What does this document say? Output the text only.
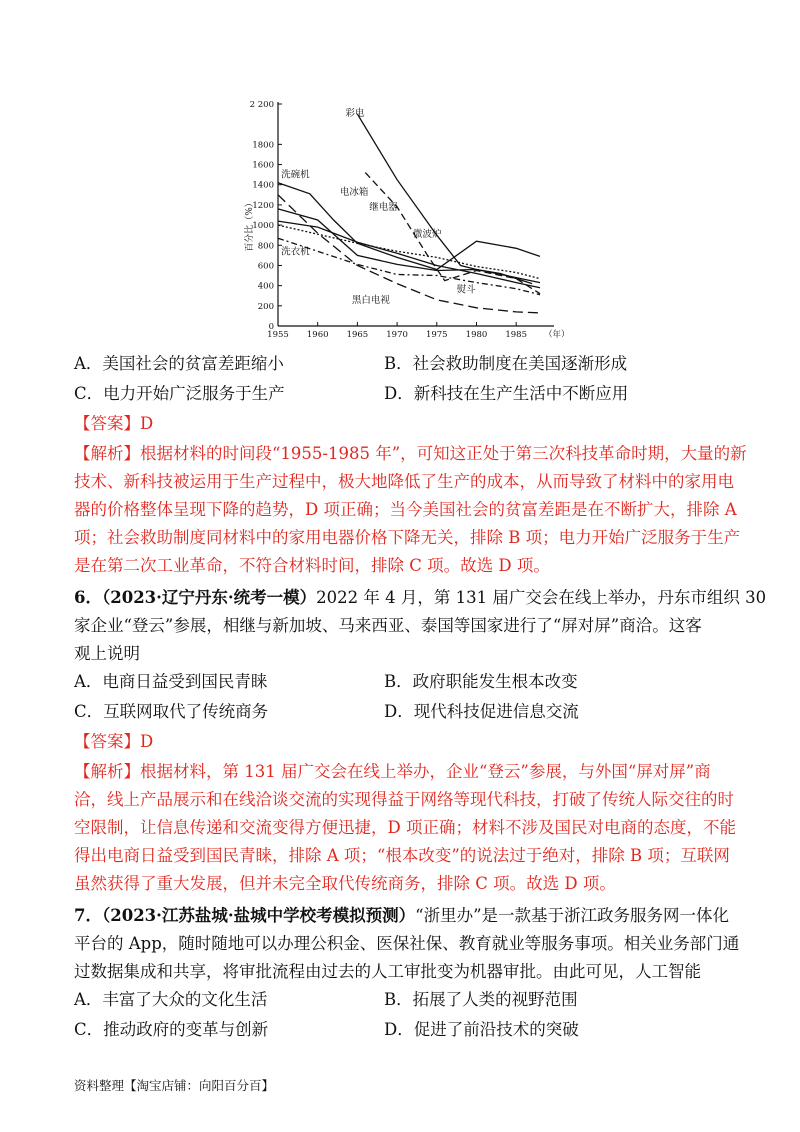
0
200
400
600
800
1000
1200
1400
1600
1800
2 200
1955 1960 1965 1970 1975 1980 1985 （年）
百分比（%）
彩电
洗碗机
电冰箱
继电器
微波炉
洗衣机
黑白电视
熨斗
A．美国社会的贫富差距缩小	B．社会救助制度在美国逐渐形成
C．电力开始广泛服务于生产	D．新科技在生产生活中不断应用
【答案】D
【解析】根据材料的时间段“1955-1985 年”，可知这正处于第三次科技革命时期，大量的新
技术、新科技被运用于生产过程中，极大地降低了生产的成本，从而导致了材料中的家用电
器的价格整体呈现下降的趋势，D 项正确；当今美国社会的贫富差距是在不断扩大，排除 A
项；社会救助制度同材料中的家用电器价格下降无关，排除 B 项；电力开始广泛服务于生产
是在第二次工业革命，不符合材料时间，排除 C 项。故选 D 项。
6．（2023·辽宁丹东·统考一模）2022 年 4 月，第 131 届广交会在线上举办，丹东市组织 30
家企业“登云”参展，相继与新加坡、马来西亚、泰国等国家进行了“屏对屏”商洽。这客
观上说明
A．电商日益受到国民青睐	B．政府职能发生根本改变
C．互联网取代了传统商务	D．现代科技促进信息交流
【答案】D
【解析】根据材料，第 131 届广交会在线上举办，企业“登云”参展，与外国“屏对屏”商
洽，线上产品展示和在线洽谈交流的实现得益于网络等现代科技，打破了传统人际交往的时
空限制，让信息传递和交流变得方便迅捷，D 项正确；材料不涉及国民对电商的态度，不能
得出电商日益受到国民青睐，排除 A 项；“根本改变”的说法过于绝对，排除 B 项；互联网
虽然获得了重大发展，但并未完全取代传统商务，排除 C 项。故选 D 项。
7．（2023·江苏盐城·盐城中学校考模拟预测）“浙里办”是一款基于浙江政务服务网一体化
平台的 App，随时随地可以办理公积金、医保社保、教育就业等服务事项。相关业务部门通
过数据集成和共享，将审批流程由过去的人工审批变为机器审批。由此可见，人工智能
A．丰富了大众的文化生活	B．拓展了人类的视野范围
C．推动政府的变革与创新	D．促进了前沿技术的突破
资料整理【淘宝店铺：向阳百分百】
